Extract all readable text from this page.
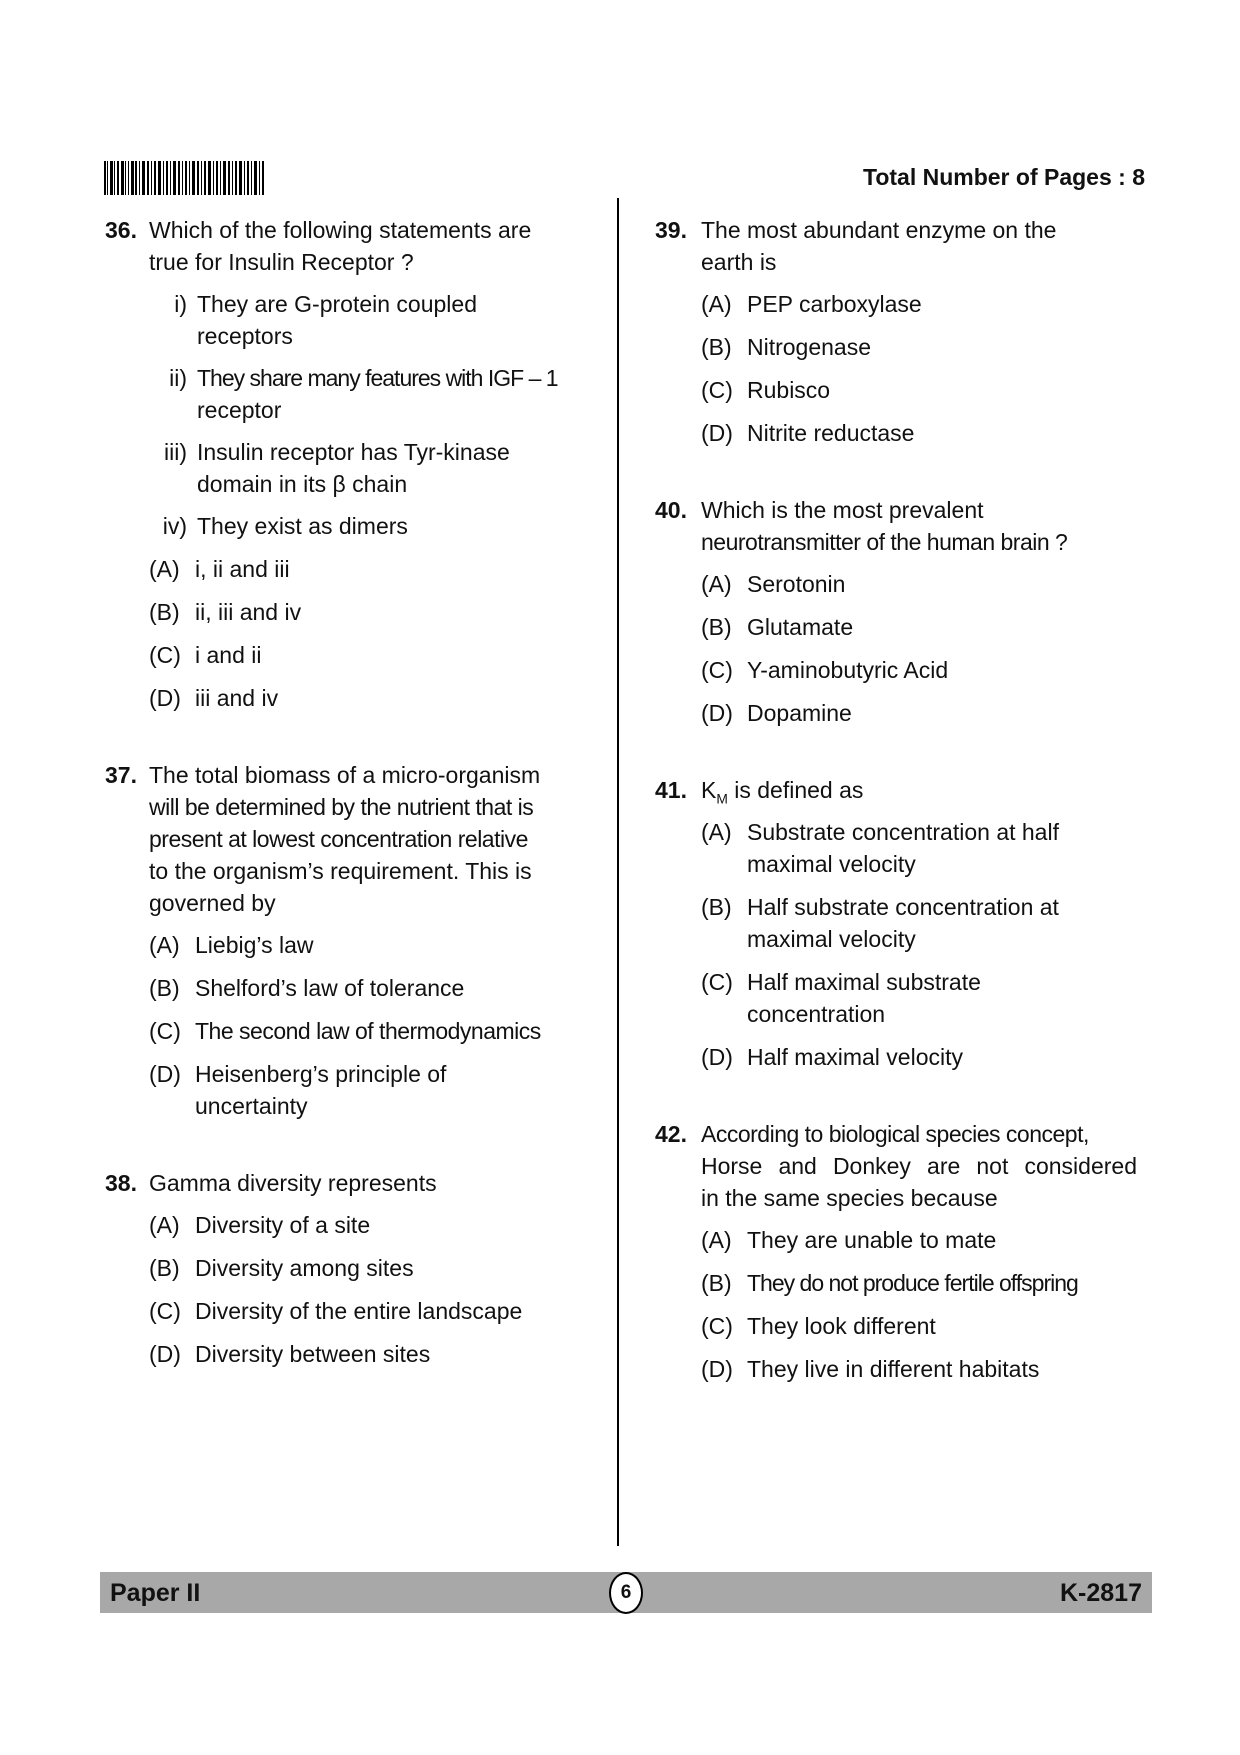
Total Number of Pages : 8
36. Which of the following statements are
true for Insulin Receptor ?
i) They are G-protein coupled
receptors
ii) They share many features with IGF – 1
receptor
iii) Insulin receptor has Tyr-kinase
domain in its β chain
iv) They exist as dimers
(A) i, ii and iii
(B) ii, iii and iv
(C) i and ii
(D) iii and iv
37. The total biomass of a micro-organism
will be determined by the nutrient that is
present at lowest concentration relative
to the organism’s requirement. This is
governed by
(A) Liebig’s law
(B) Shelford’s law of tolerance
(C) The second law of thermodynamics
(D) Heisenberg’s principle of
uncertainty
38. Gamma diversity represents
(A) Diversity of a site
(B) Diversity among sites
(C) Diversity of the entire landscape
(D) Diversity between sites
39. The most abundant enzyme on the
earth is
(A) PEP carboxylase
(B) Nitrogenase
(C) Rubisco
(D) Nitrite reductase
40. Which is the most prevalent
neurotransmitter of the human brain ?
(A) Serotonin
(B) Glutamate
(C) Y-aminobutyric Acid
(D) Dopamine
41. $K_M$ is defined as
(A) Substrate concentration at half
maximal velocity
(B) Half substrate concentration at
maximal velocity
(C) Half maximal substrate
concentration
(D) Half maximal velocity
42. According to biological species concept,
Horse and Donkey are not considered
in the same species because
(A) They are unable to mate
(B) They do not produce fertile offspring
(C) They look different
(D) They live in different habitats
Paper II	6	K-2817
